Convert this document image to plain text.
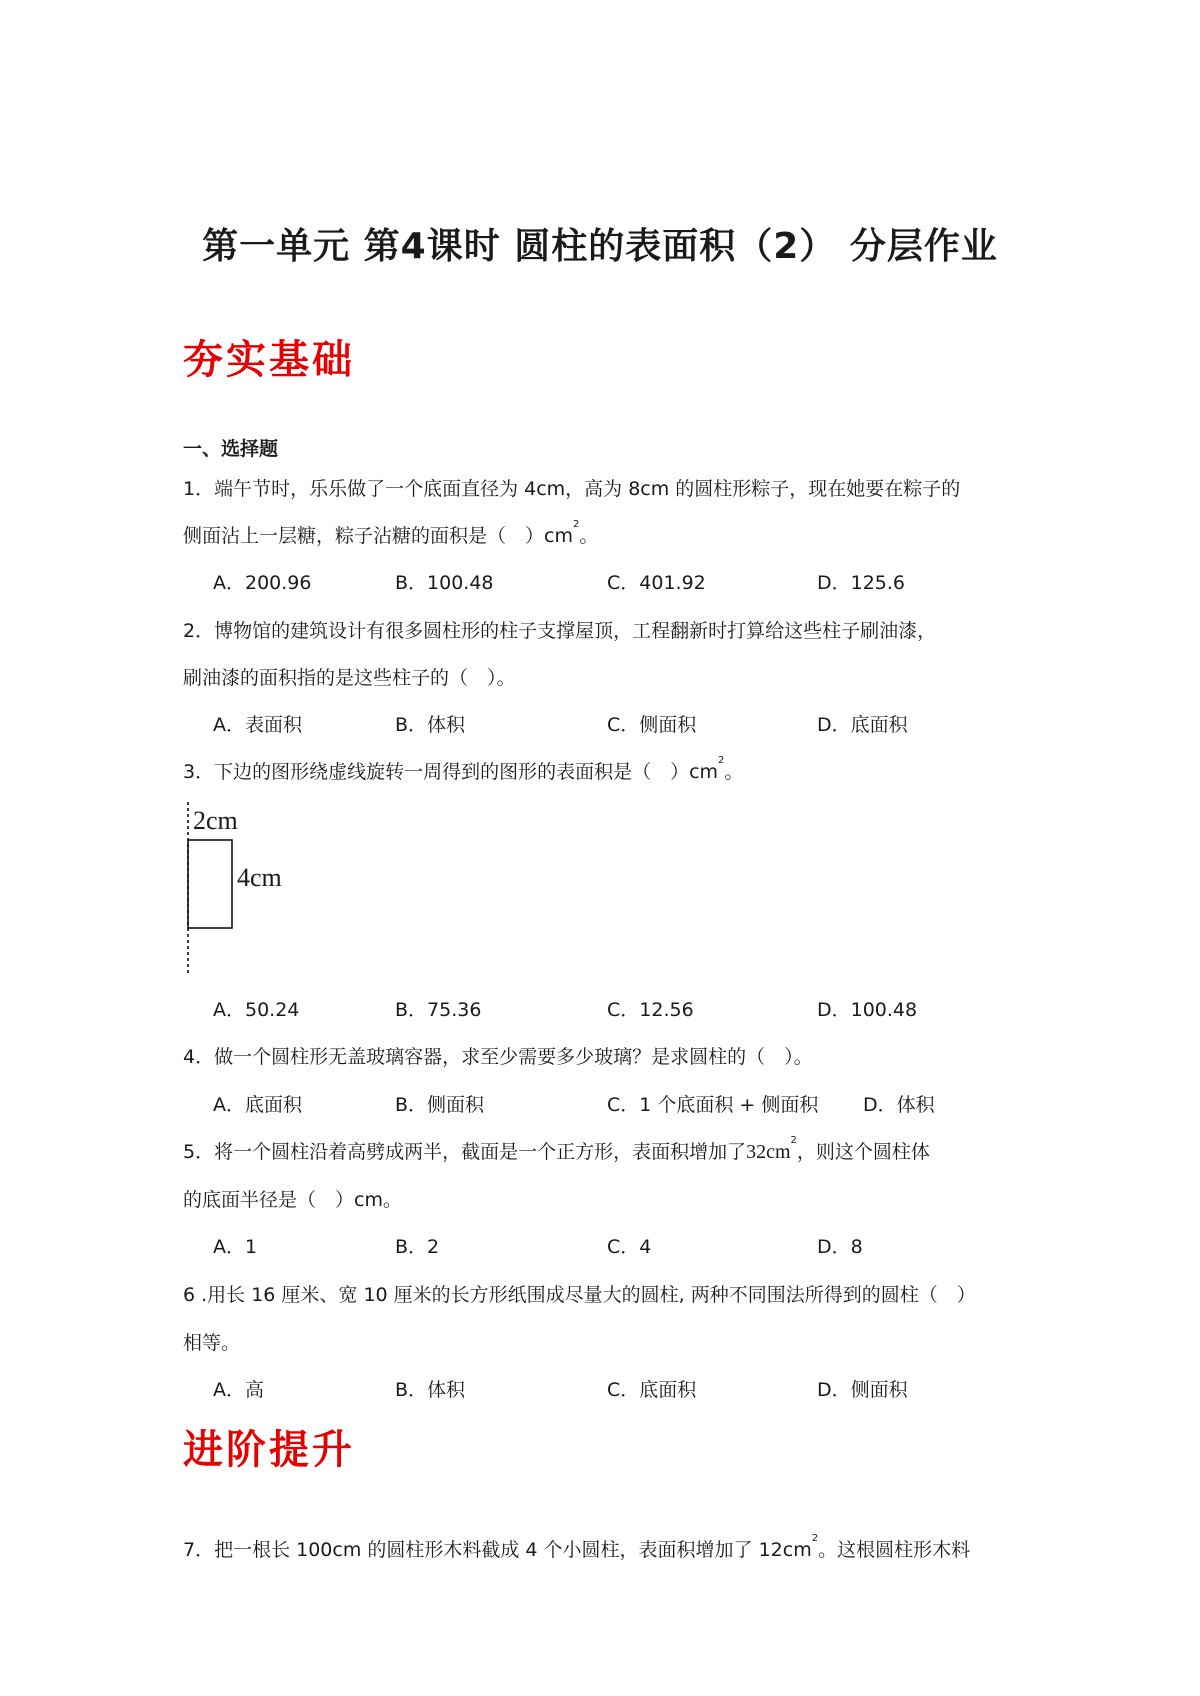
第一单元 第4课时 圆柱的表面积（2） 分层作业
夯实基础
一、选择题
1．端午节时，乐乐做了一个底面直径为 4cm，高为 8cm 的圆柱形粽子，现在她要在粽子的
侧面沾上一层糖，粽子沾糖的面积是（　）$cm^2$。
A．200.96	B．100.48	C．401.92	D．125.6
2．博物馆的建筑设计有很多圆柱形的柱子支撑屋顶，工程翻新时打算给这些柱子刷油漆，
刷油漆的面积指的是这些柱子的（　）。
A．表面积	B．体积	C．侧面积	D．底面积
3．下边的图形绕虚线旋转一周得到的图形的表面积是（　）$cm^2$。
2cm
4cm
A．50.24	B．75.36	C．12.56	D．100.48
4．做一个圆柱形无盖玻璃容器，求至少需要多少玻璃？是求圆柱的（　）。
A．底面积	B．侧面积	C．1 个底面积 + 侧面积 D．体积
5．将一个圆柱沿着高劈成两半，截面是一个正方形，表面积增加了$32cm^2$，则这个圆柱体
的底面半径是（　）cm。
A．1	B．2	C．4	D．8
6 .用长 16 厘米、宽 10 厘米的长方形纸围成尽量大的圆柱, 两种不同围法所得到的圆柱（　）
相等。
A．高	B．体积	C．底面积	D．侧面积
进阶提升
7．把一根长 100cm 的圆柱形木料截成 4 个小圆柱，表面积增加了 $12cm^2$。这根圆柱形木料
